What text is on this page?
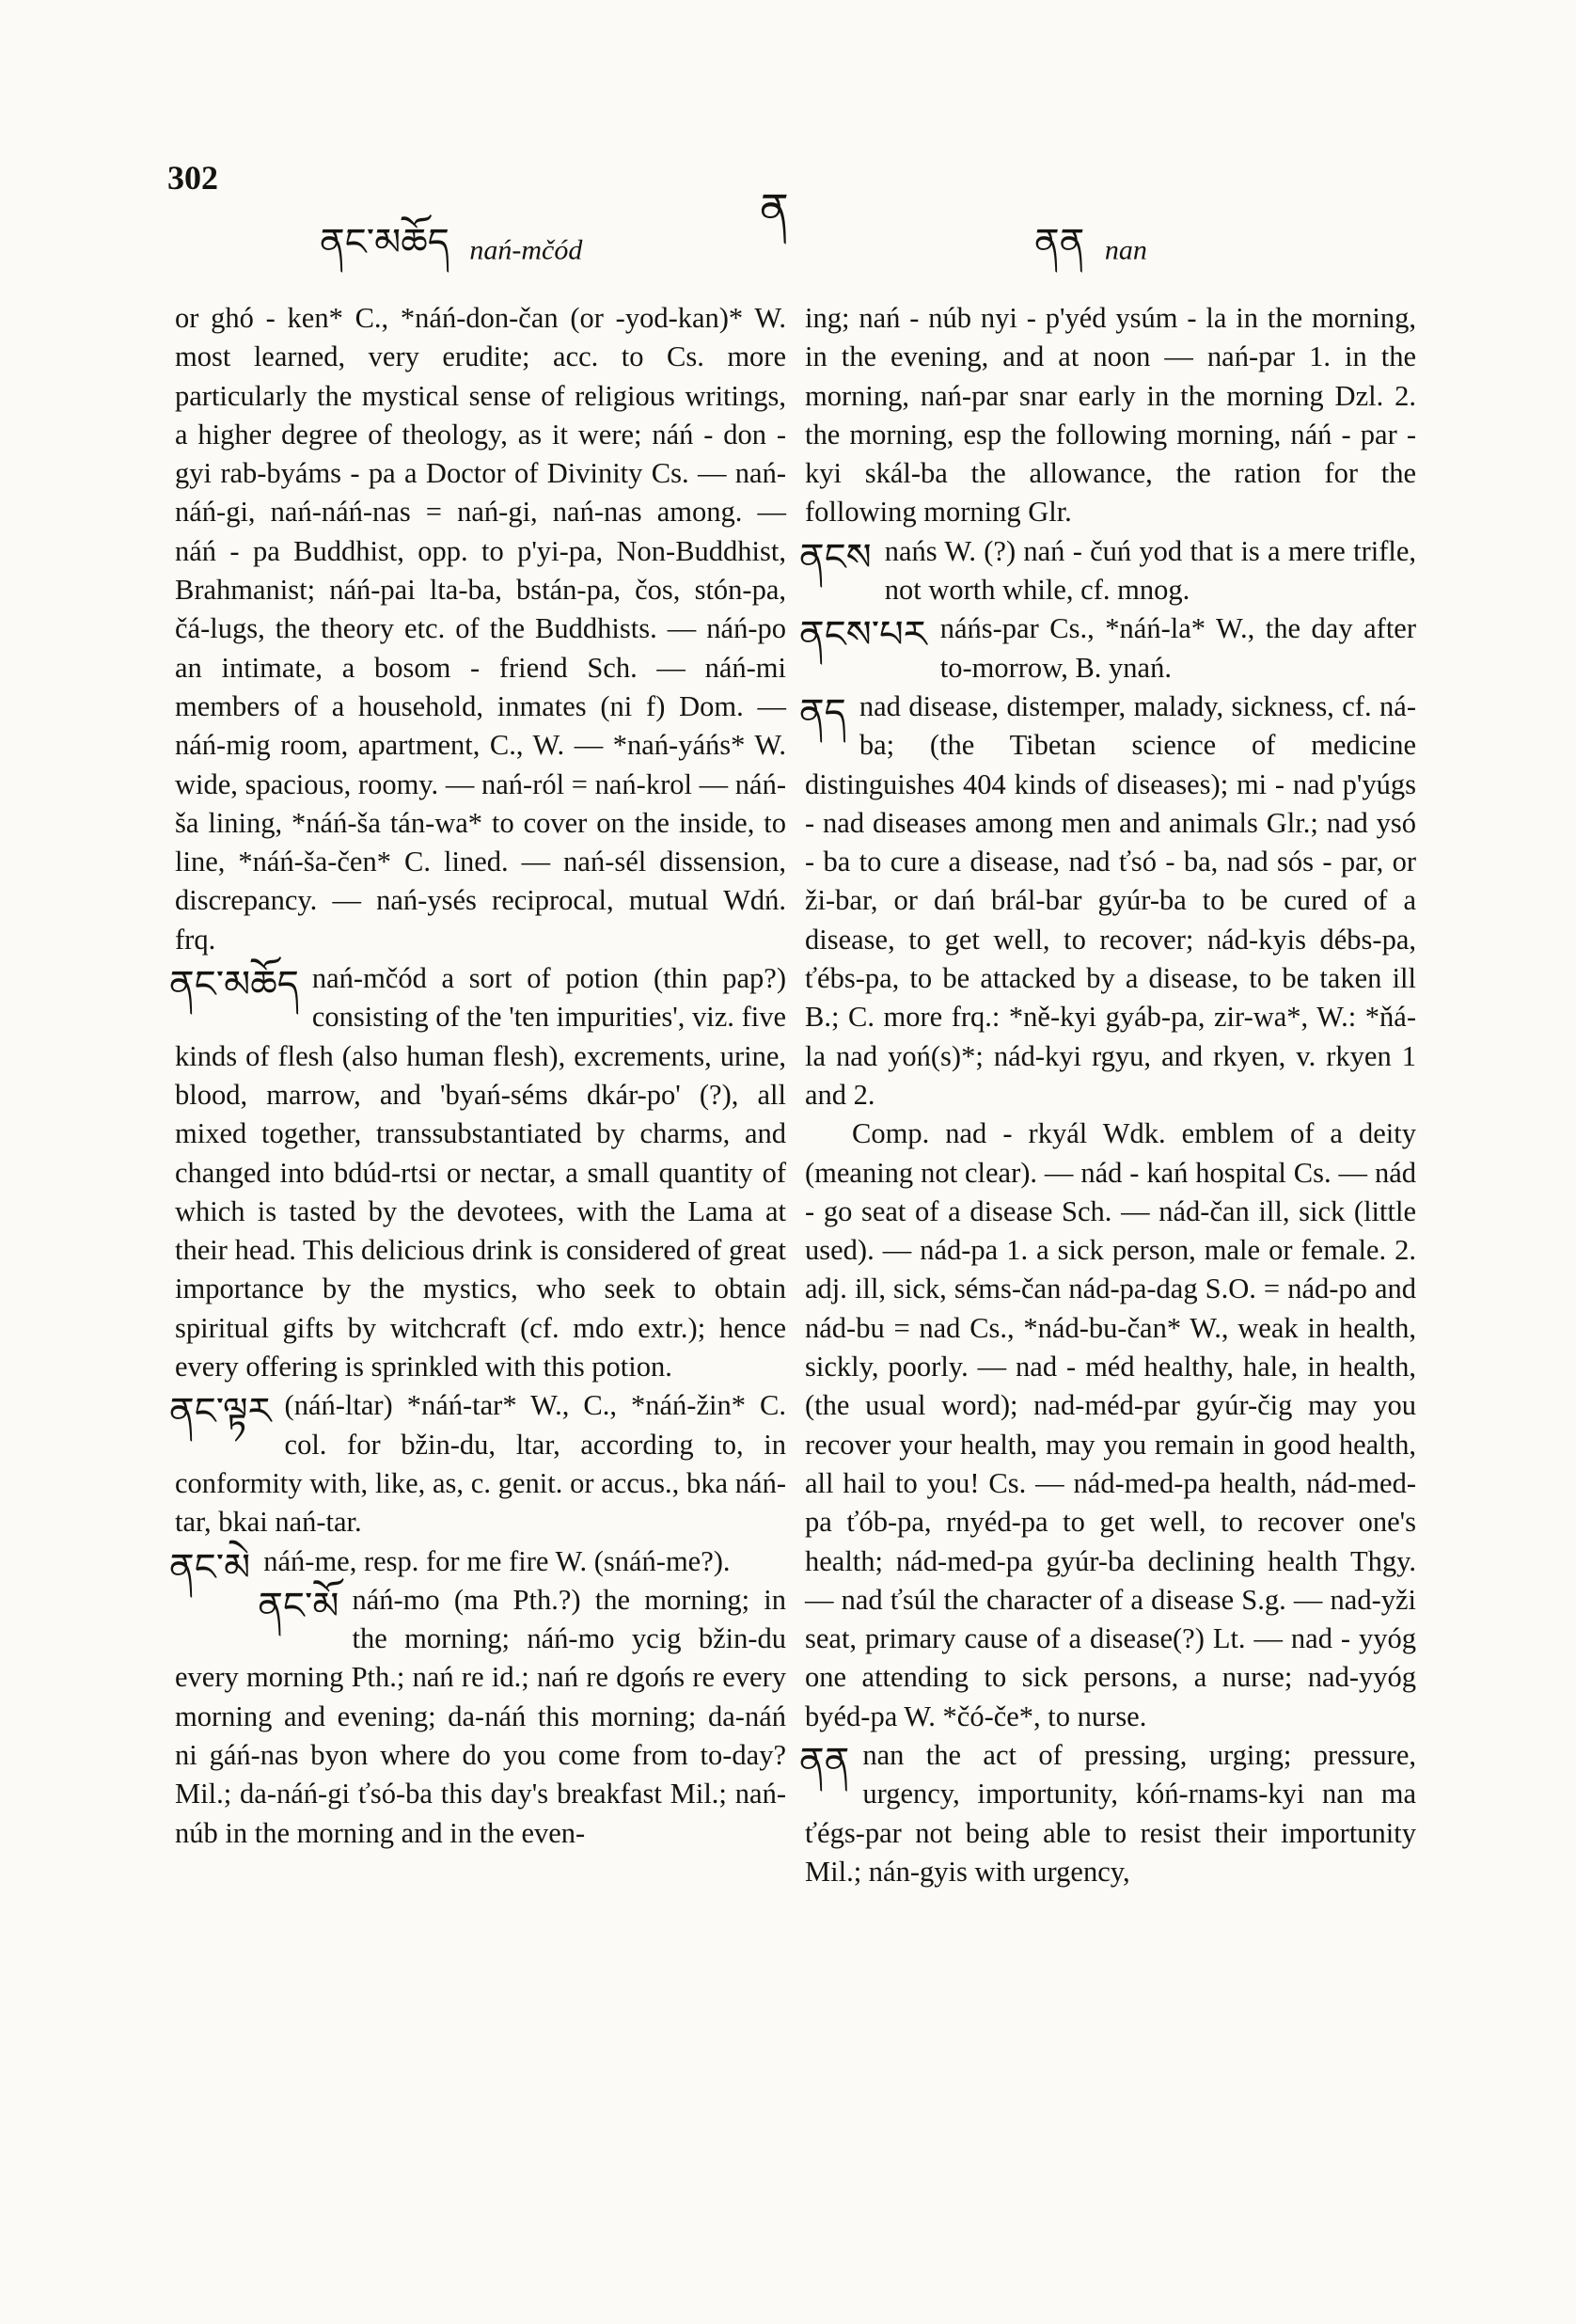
302
ནང་མཆོད nań-mčód
ན
ནན nan

or ghó - ken* C., *náń-don-čan (or -yod-kan)* W. most learned, very erudite; acc. to Cs. more particularly the mystical sense of religious writings, a higher degree of theology, as it were; náń - don - gyi rab-byáms - pa a Doctor of Divinity Cs. — nań-náń-gi, nań-náń-nas = nań-gi, nań-nas among. — náń - pa Buddhist, opp. to p'yi-pa, Non-Buddhist, Brahmanist; náń-pai lta-ba, bstán-pa, čos, stón-pa, čá-lugs, the theory etc. of the Buddhists. — náń-po an intimate, a bosom - friend Sch. — náń-mi members of a household, inmates (ni f) Dom. — náń-mig room, apartment, C., W. — *nań-yáńs* W. wide, spacious, roomy. — nań-ról = nań-krol — náń-ša lining, *náń-ša tán-wa* to cover on the inside, to line, *náń-ša-čen* C. lined. — nań-sél dissension, discrepancy. — nań-ysés reciprocal, mutual Wdń. frq.

ནང་མཆོད nań-mčód a sort of potion (thin pap?) consisting of the 'ten impurities', viz. five kinds of flesh (also human flesh), excrements, urine, blood, marrow, and 'byań-séms dkár-po' (?), all mixed together, transsubstantiated by charms, and changed into bdúd-rtsi or nectar, a small quantity of which is tasted by the devotees, with the Lama at their head. This delicious drink is considered of great importance by the mystics, who seek to obtain spiritual gifts by witchcraft (cf. mdo extr.); hence every offering is sprinkled with this potion.
ནང་ལྟར (náń-ltar) *náń-tar* W., C., *náń-žin* C. col. for bžin-du, ltar, according to, in conformity with, like, as, c. genit. or accus., bka náń-tar, bkai nań-tar.
ནང་མེ náń-me, resp. for me fire W. (snáń-me?).
ནང་མོ náń-mo (ma Pth.?) the morning; in the morning; náń-mo ycig bžin-du every morning Pth.; nań re id.; nań re dgońs re every morning and evening; da-náń this morning; da-náń ni gáń-nas byon where do you come from to-day? Mil.; da-náń-gi ťsó-ba this day's breakfast Mil.; nań-núb in the morning and in the even-

ing; nań - núb nyi - p'yéd ysúm - la in the morning, in the evening, and at noon — nań-par 1. in the morning, nań-par snar early in the morning Dzl. 2. the morning, esp the following morning, náń - par - kyi skál-ba the allowance, the ration for the following morning Glr.

ནངས nańs W. (?) nań - čuń yod that is a mere trifle, not worth while, cf. mnog.
ནངས་པར náńs-par Cs., *náń-la* W., the day after to-morrow, B. ynań.
ནད nad disease, distemper, malady, sickness, cf. ná-ba; (the Tibetan science of medicine distinguishes 404 kinds of diseases); mi - nad p'yúgs - nad diseases among men and animals Glr.; nad ysó - ba to cure a disease, nad ťsó - ba, nad sós - par, or ži-bar, or dań brál-bar gyúr-ba to be cured of a disease, to get well, to recover; nád-kyis débs-pa, ťébs-pa, to be attacked by a disease, to be taken ill B.; C. more frq.: *ně-kyi gyáb-pa, zir-wa*, W.: *ňá-la nad yoń(s)*; nád-kyi rgyu, and rkyen, v. rkyen 1 and 2.

Comp. nad - rkyál Wdk. emblem of a deity (meaning not clear). — nád - kań hospital Cs. — nád - go seat of a disease Sch. — nád-čan ill, sick (little used). — nád-pa 1. a sick person, male or female. 2. adj. ill, sick, séms-čan nád-pa-dag S.O. = nád-po and nád-bu = nad Cs., *nád-bu-čan* W., weak in health, sickly, poorly. — nad - méd healthy, hale, in health, (the usual word); nad-méd-par gyúr-čig may you recover your health, may you remain in good health, all hail to you! Cs. — nád-med-pa health, nád-med-pa ťób-pa, rnyéd-pa to get well, to recover one's health; nád-med-pa gyúr-ba declining health Thgy. — nad ťsúl the character of a disease S.g. — nad-yži seat, primary cause of a disease(?) Lt. — nad - yyóg one attending to sick persons, a nurse; nad-yyóg byéd-pa W. *čó-če*, to nurse.

ནན nan the act of pressing, urging; pressure, urgency, importunity, kóń-rnams-kyi nan ma ťégs-par not being able to resist their importunity Mil.; nán-gyis with urgency,
